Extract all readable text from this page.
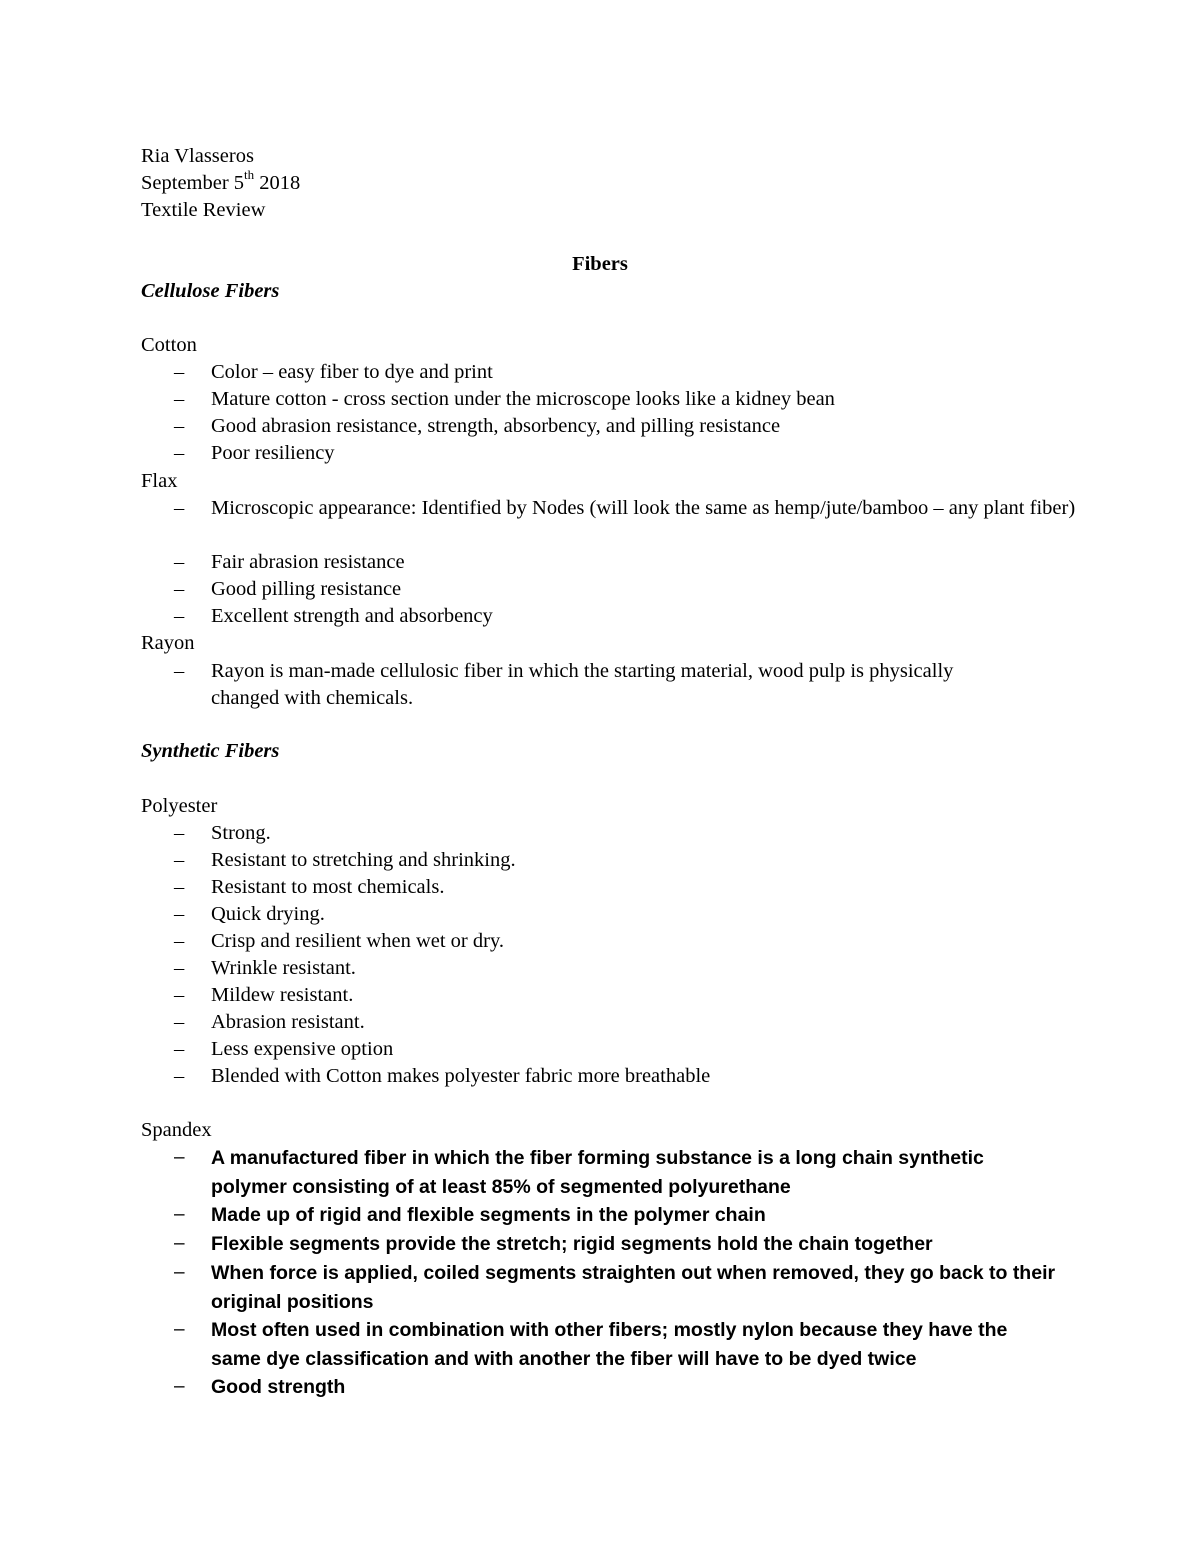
Ria Vlasseros
September 5th 2018
Textile Review
Fibers
Cellulose Fibers
Cotton
– Color – easy fiber to dye and print
– Mature cotton - cross section under the microscope looks like a kidney bean
– Good abrasion resistance, strength, absorbency, and pilling resistance
– Poor resiliency
Flax
– Microscopic appearance: Identified by Nodes (will look the same as hemp/jute/bamboo – any plant fiber)
– Fair abrasion resistance
– Good pilling resistance
– Excellent strength and absorbency
Rayon
– Rayon is man-made cellulosic fiber in which the starting material, wood pulp is physically changed with chemicals.
Synthetic Fibers
Polyester
– Strong.
– Resistant to stretching and shrinking.
– Resistant to most chemicals.
– Quick drying.
– Crisp and resilient when wet or dry.
– Wrinkle resistant.
– Mildew resistant.
– Abrasion resistant.
– Less expensive option
– Blended with Cotton makes polyester fabric more breathable
Spandex
– A manufactured fiber in which the fiber forming substance is a long chain synthetic polymer consisting of at least 85% of segmented polyurethane
– Made up of rigid and flexible segments in the polymer chain
– Flexible segments provide the stretch; rigid segments hold the chain together
– When force is applied, coiled segments straighten out when removed, they go back to their original positions
– Most often used in combination with other fibers; mostly nylon because they have the same dye classification and with another the fiber will have to be dyed twice
– Good strength
